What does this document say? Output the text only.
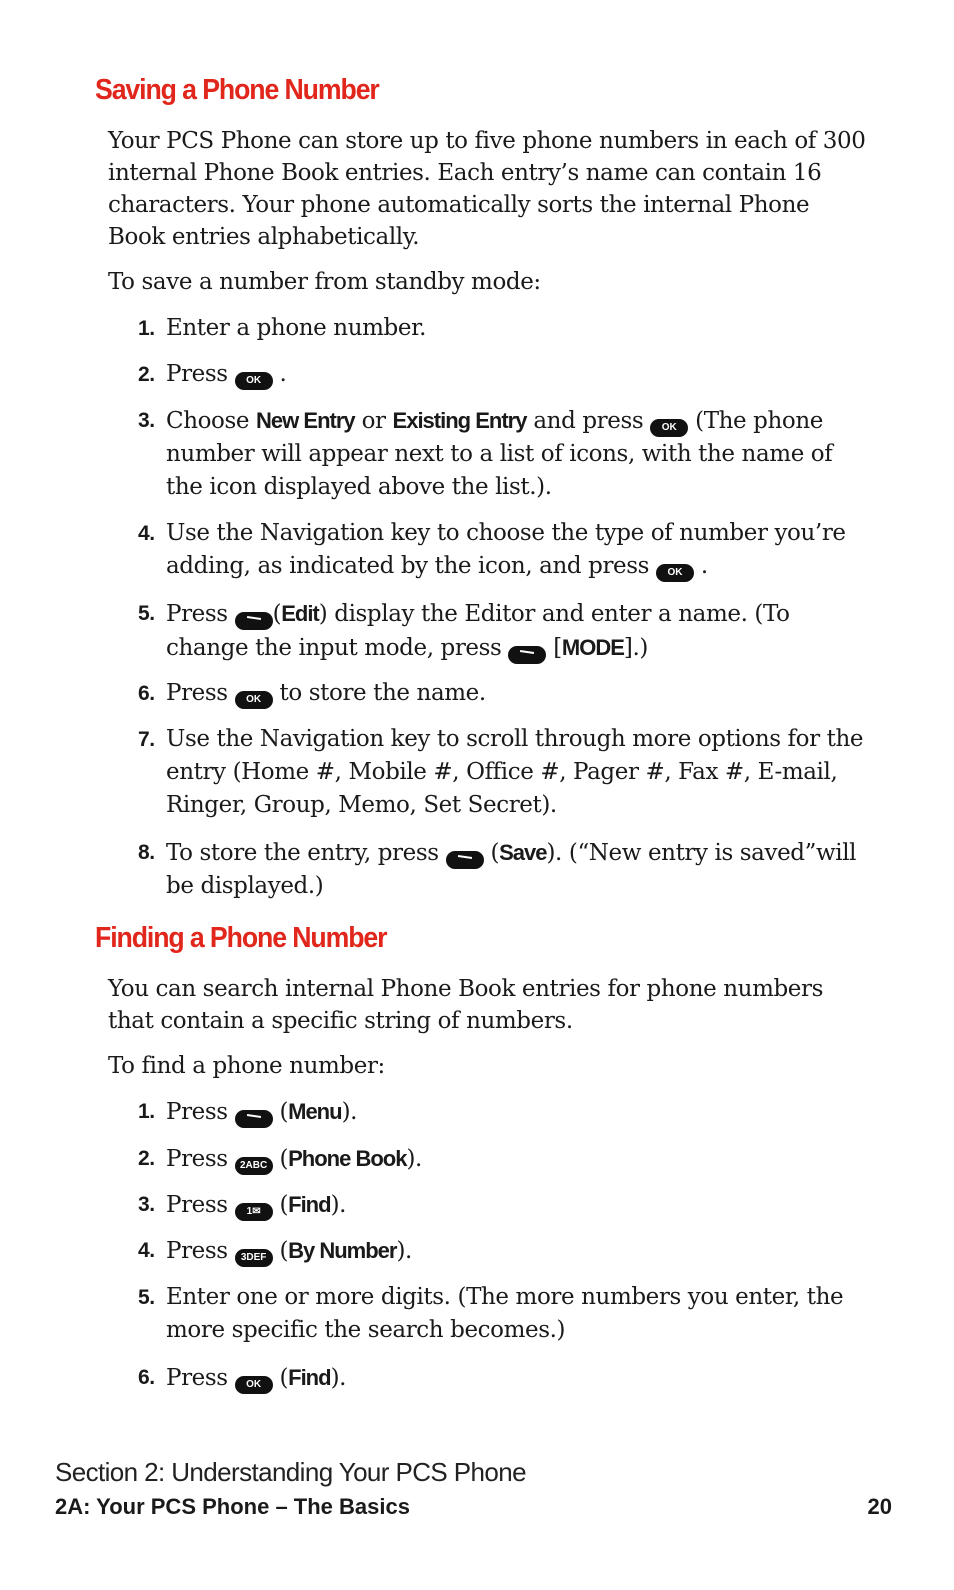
Saving a Phone Number

Your PCS Phone can store up to five phone numbers in each of 300 internal Phone Book entries. Each entry’s name can contain 16 characters. Your phone automatically sorts the internal Phone Book entries alphabetically.

To save a number from standby mode:

1. Enter a phone number.
2. Press OK .
3. Choose New Entry or Existing Entry and press OK (The phone number will appear next to a list of icons, with the name of the icon displayed above the list.).
4. Use the Navigation key to choose the type of number you’re adding, as indicated by the icon, and press OK .
5. Press (Edit) display the Editor and enter a name. (To change the input mode, press [MODE].)
6. Press OK to store the name.
7. Use the Navigation key to scroll through more options for the entry (Home #, Mobile #, Office #, Pager #, Fax #, E-mail, Ringer, Group, Memo, Set Secret).
8. To store the entry, press (Save). (“New entry is saved”will be displayed.)
Finding a Phone Number

You can search internal Phone Book entries for phone numbers that contain a specific string of numbers.

To find a phone number:

1. Press (Menu).
2. Press 2ABC (Phone Book).
3. Press 1✉ (Find).
4. Press 3DEF (By Number).
5. Enter one or more digits. (The more numbers you enter, the more specific the search becomes.)
6. Press OK (Find).

Section 2: Understanding Your PCS Phone

2A: Your PCS Phone – The Basics	20
